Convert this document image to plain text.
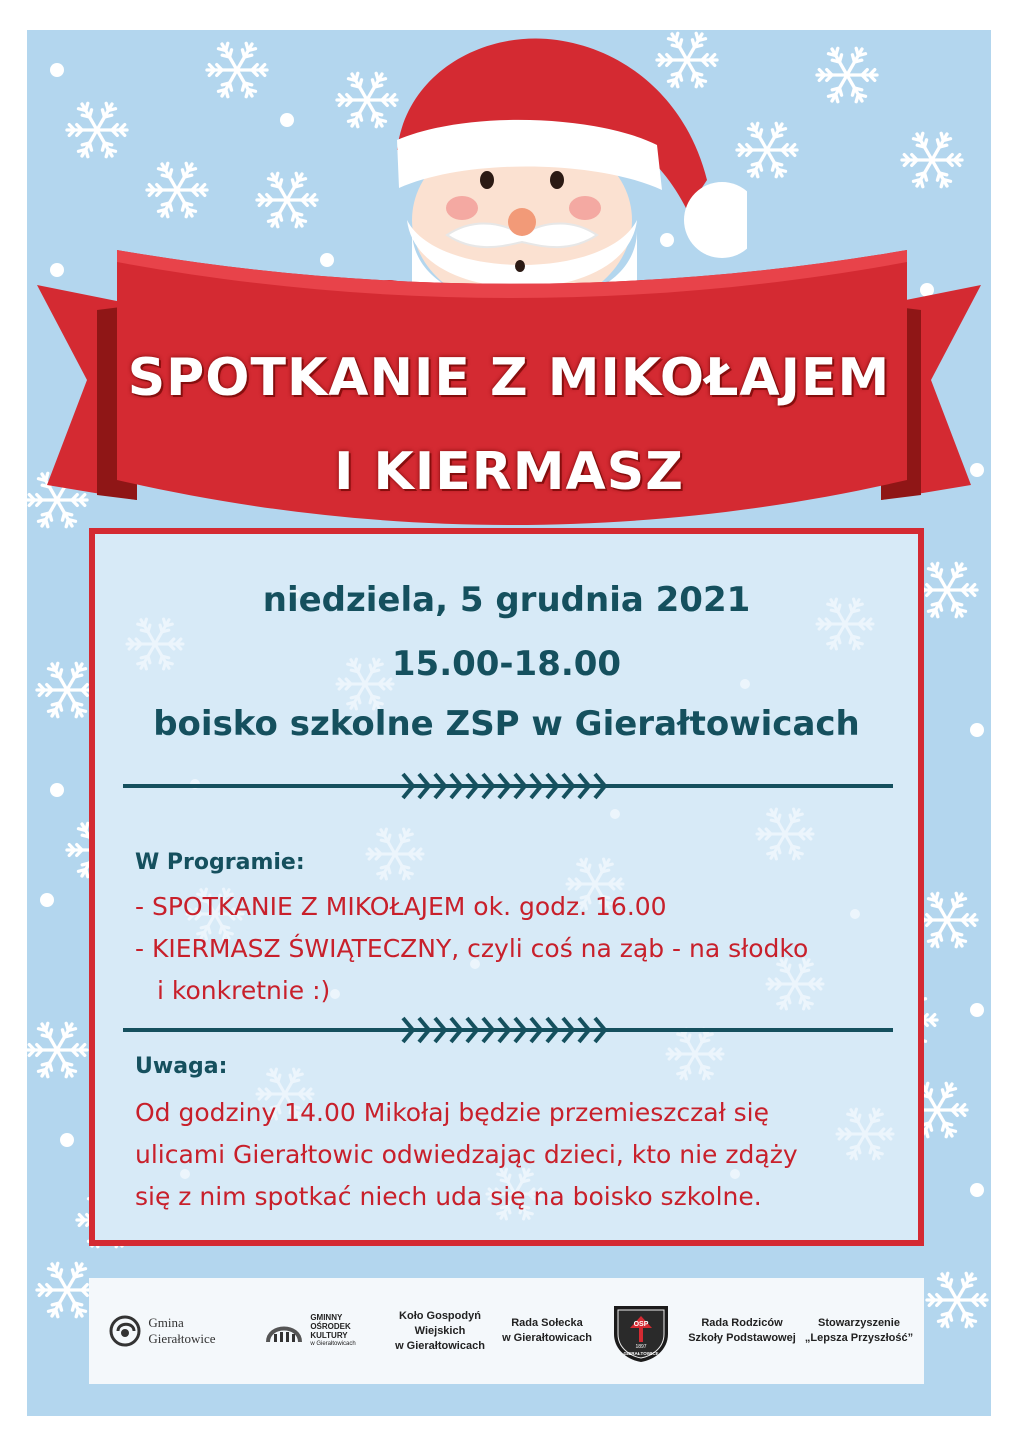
SPOTKANIE Z MIKOŁAJEM
I KIERMASZ
niedziela, 5 grudnia 2021
15.00-18.00
boisko szkolne ZSP w Gierałtowicach
W Programie:
- SPOTKANIE Z MIKOŁAJEM ok. godz. 16.00
- KIERMASZ ŚWIĄTECZNY, czyli coś na ząb - na słodko
i konkretnie :)
Uwaga:
Od godziny 14.00 Mikołaj będzie przemieszczał się
ulicami Gierałtowic odwiedzając dzieci, kto nie zdąży
się z nim spotkać niech uda się na boisko szkolne.
Gmina
Gierałtowice
GMINNY
OŚRODEK
KULTURY
w Gierałtowicach
Koło Gospodyń
Wiejskich
w Gierałtowicach
Rada Sołecka
w Gierałtowicach
OSP
1897
GIERAŁTOWICE
Rada Rodziców
Szkoły Podstawowej
Stowarzyszenie
„Lepsza Przyszłość”
